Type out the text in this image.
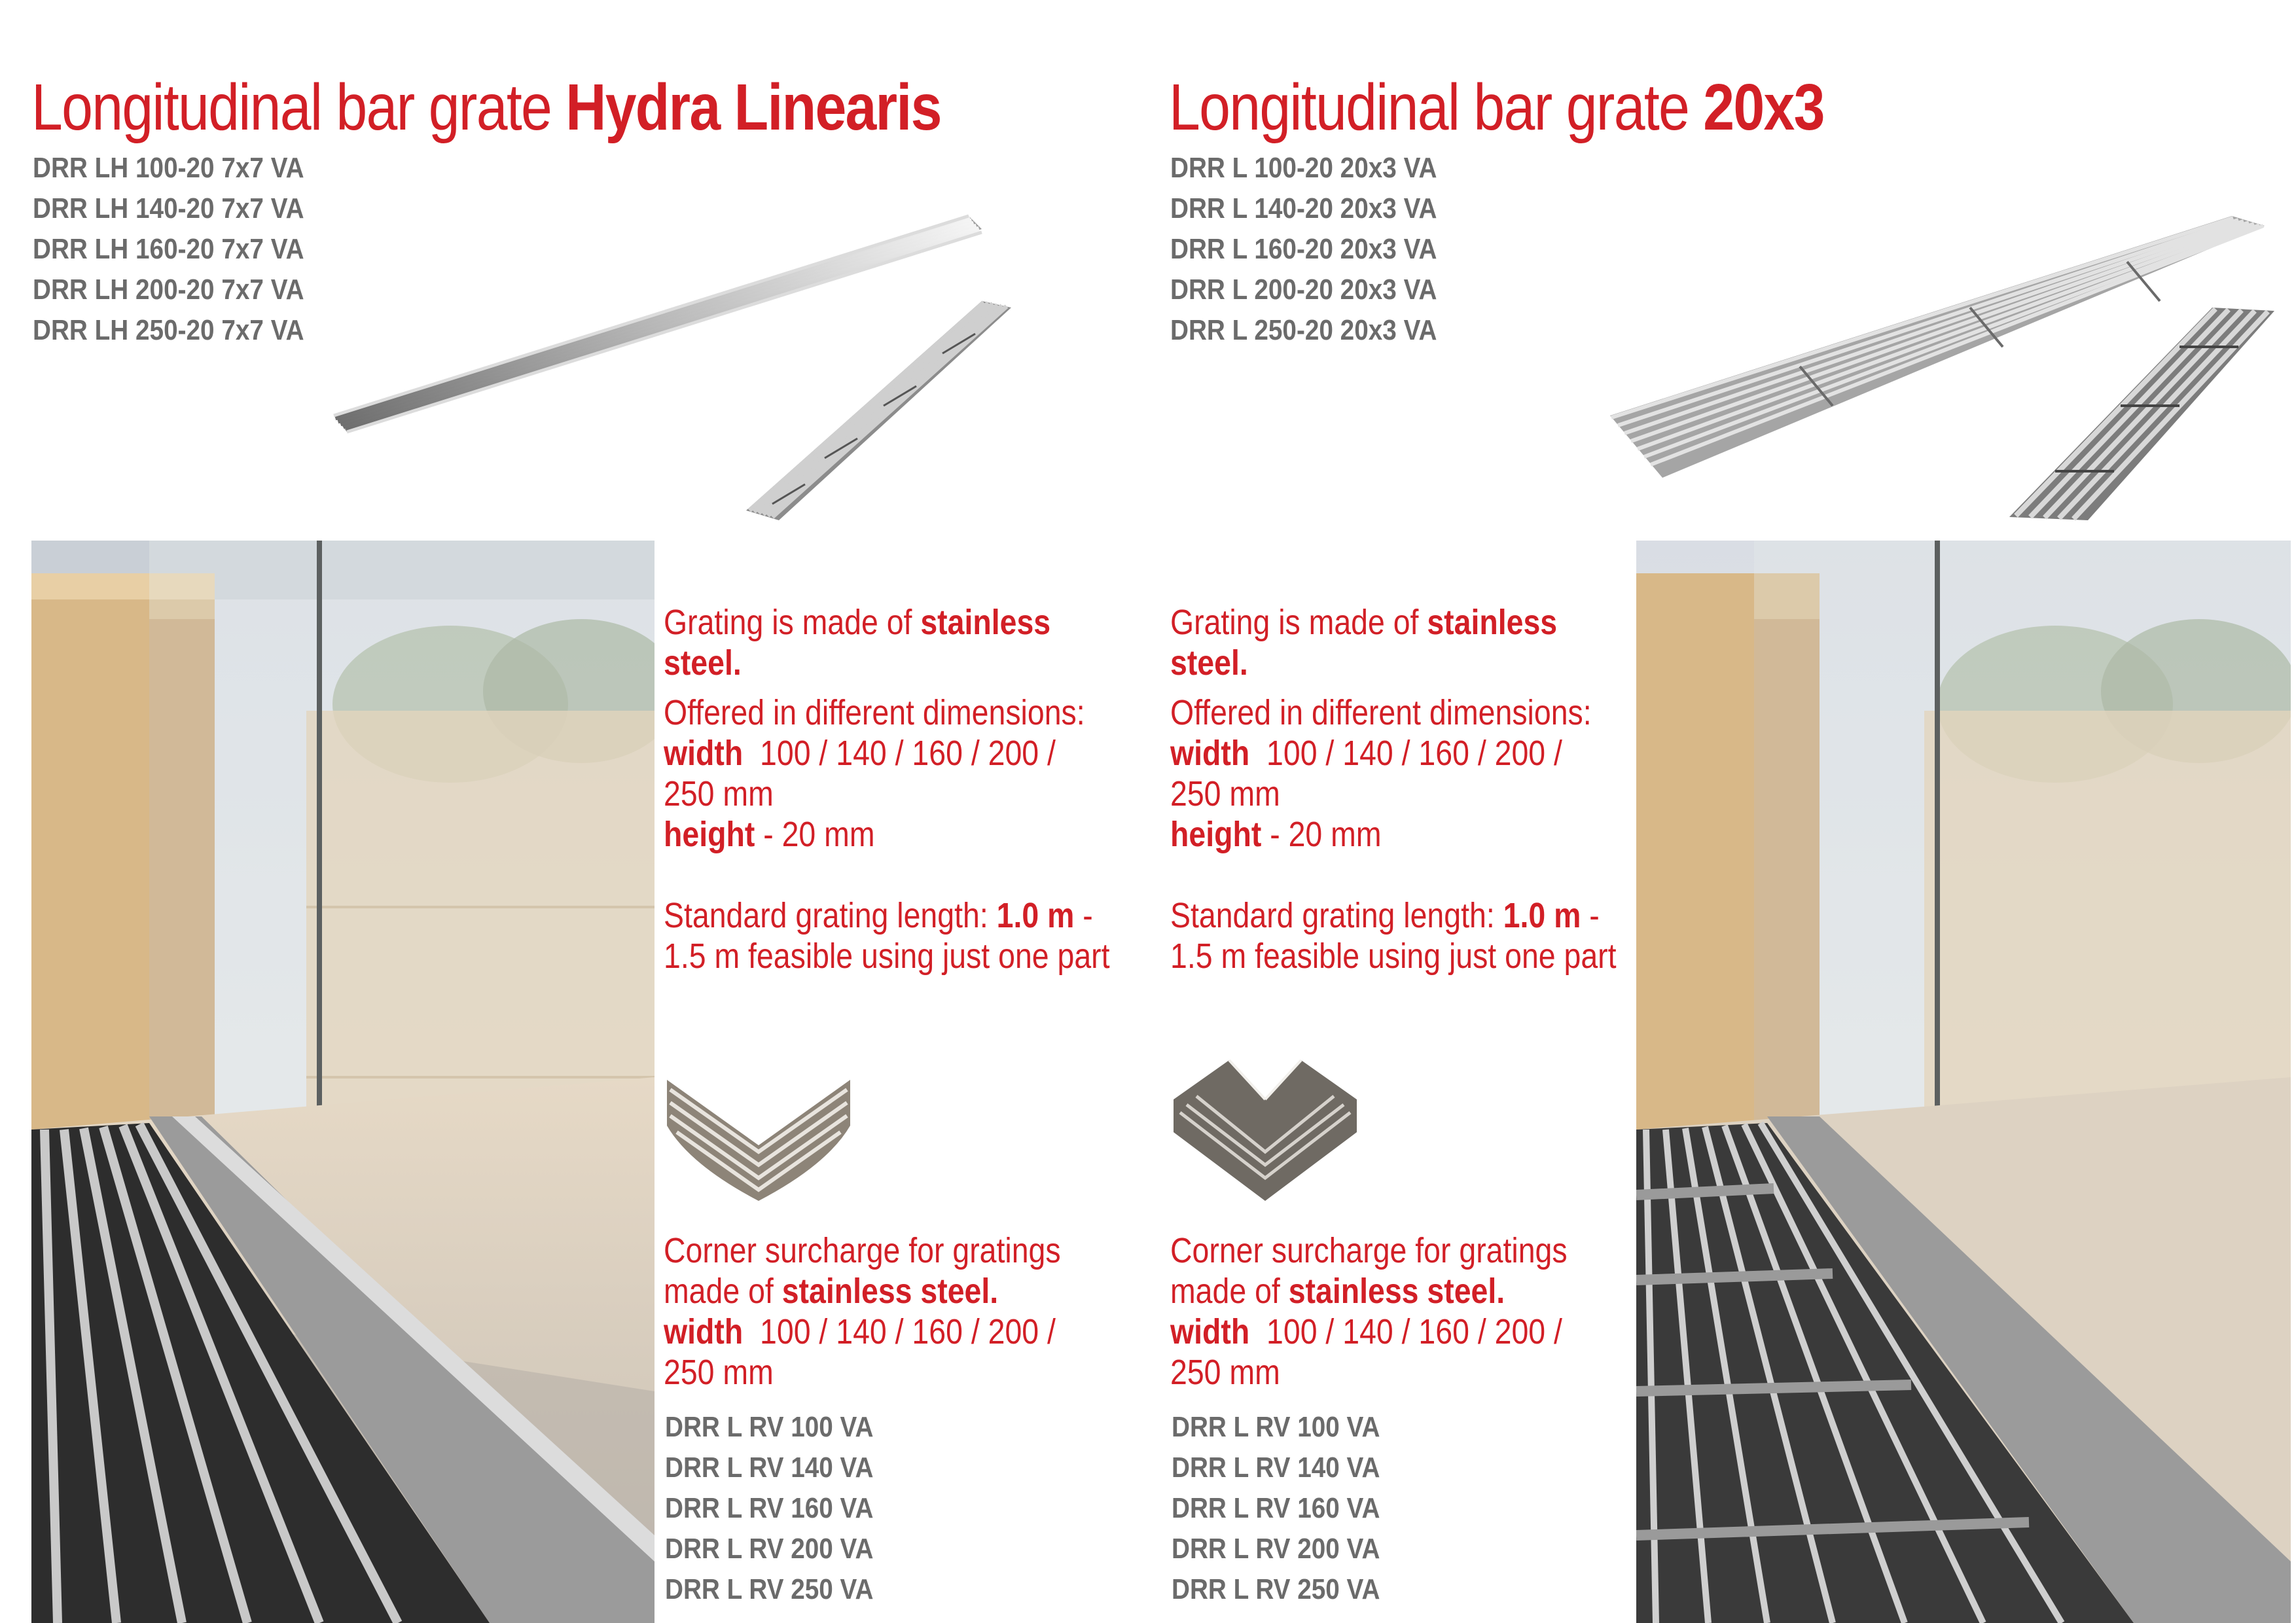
Longitudinal bar grate Hydra Linearis
DRR LH 100-20 7x7 VA
DRR LH 140-20 7x7 VA
DRR LH 160-20 7x7 VA
DRR LH 200-20 7x7 VA
DRR LH 250-20 7x7 VA
Longitudinal bar grate 20x3
DRR L 100-20 20x3 VA
DRR L 140-20 20x3 VA
DRR L 160-20 20x3 VA
DRR L 200-20 20x3 VA
DRR L 250-20 20x3 VA

Grating is made of stainless steel.

Offered in different dimensions:

width 100 / 140 / 160 / 200 / 250 mm

height - 20 mm

Standard grating length: 1.0 m - 1.5 m feasible using just one part

Corner surcharge for gratings made of stainless steel.

width 100 / 140 / 160 / 200 / 250 mm

DRR L RV 100 VA
DRR L RV 140 VA
DRR L RV 160 VA
DRR L RV 200 VA
DRR L RV 250 VA

Grating is made of stainless steel.

Offered in different dimensions:

width 100 / 140 / 160 / 200 / 250 mm

height - 20 mm

Standard grating length: 1.0 m - 1.5 m feasible using just one part

Corner surcharge for gratings made of stainless steel.

width 100 / 140 / 160 / 200 / 250 mm

DRR L RV 100 VA
DRR L RV 140 VA
DRR L RV 160 VA
DRR L RV 200 VA
DRR L RV 250 VA
